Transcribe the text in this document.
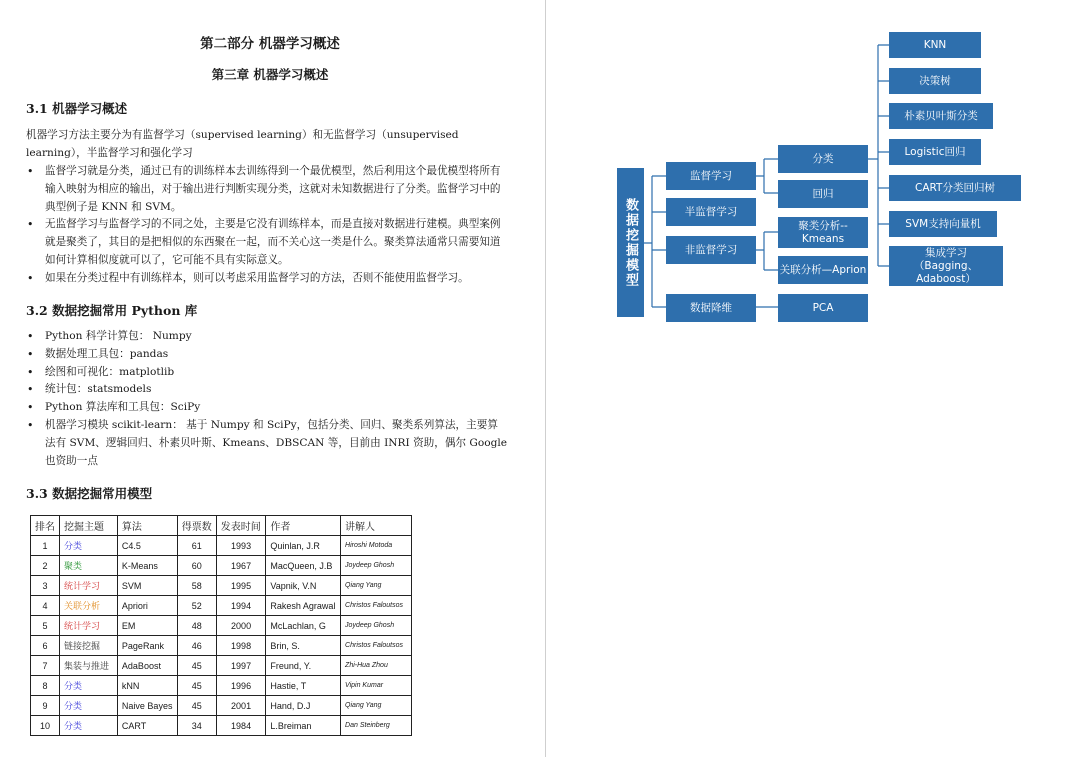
第二部分 机器学习概述
第三章 机器学习概述
3.1 机器学习概述
机器学习方法主要分为有监督学习（supervised learning）和无监督学习（unsupervised learning），半监督学习和强化学习
• 监督学习就是分类，通过已有的训练样本去训练得到一个最优模型，然后利用这个最优模型将所有输入映射为相应的输出，对于输出进行判断实现分类，这就对未知数据进行了分类。监督学习中的典型例子是 KNN 和 SVM。
• 无监督学习与监督学习的不同之处，主要是它没有训练样本，而是直接对数据进行建模。典型案例就是聚类了，其目的是把相似的东西聚在一起，而不关心这一类是什么。聚类算法通常只需要知道如何计算相似度就可以了，它可能不具有实际意义。
• 如果在分类过程中有训练样本，则可以考虑采用监督学习的方法，否则不能使用监督学习。
3.2 数据挖掘常用 Python 库
• Python 科学计算包： Numpy
• 数据处理工具包：pandas
• 绘图和可视化：matplotlib
• 统计包：statsmodels
• Python 算法库和工具包：SciPy
• 机器学习模块 scikit-learn： 基于 Numpy 和 SciPy，包括分类、回归、聚类系列算法，主要算法有 SVM、逻辑回归、朴素贝叶斯、Kmeans、DBSCAN 等，目前由 INRI 资助，偶尔 Google 也资助一点
3.3 数据挖掘常用模型
排名	挖掘主题	算法	得票数	发表时间	作者	讲解人
1	分类	C4.5	61	1993	Quinlan, J.R	Hiroshi Motoda
2	聚类	K-Means	60	1967	MacQueen, J.B	Joydeep Ghosh
3	统计学习	SVM	58	1995	Vapnik, V.N	Qiang Yang
4	关联分析	Apriori	52	1994	Rakesh Agrawal	Christos Faloutsos
5	统计学习	EM	48	2000	McLachlan, G	Joydeep Ghosh
6	链接挖掘	PageRank	46	1998	Brin, S.	Christos Faloutsos
7	集装与推进	AdaBoost	45	1997	Freund, Y.	Zhi-Hua Zhou
8	分类	kNN	45	1996	Hastie, T	Vipin Kumar
9	分类	Naive Bayes	45	2001	Hand, D.J	Qiang Yang
10	分类	CART	34	1984	L.Breiman	Dan Steinberg
数据挖掘模型
监督学习
半监督学习
非监督学习
数据降维
分类
回归
聚类分析--Kmeans
关联分析—Aprion
PCA
KNN
决策树
朴素贝叶斯分类
Logistic回归
CART分类回归树
SVM支持向量机
集成学习（Bagging、Adaboost）
